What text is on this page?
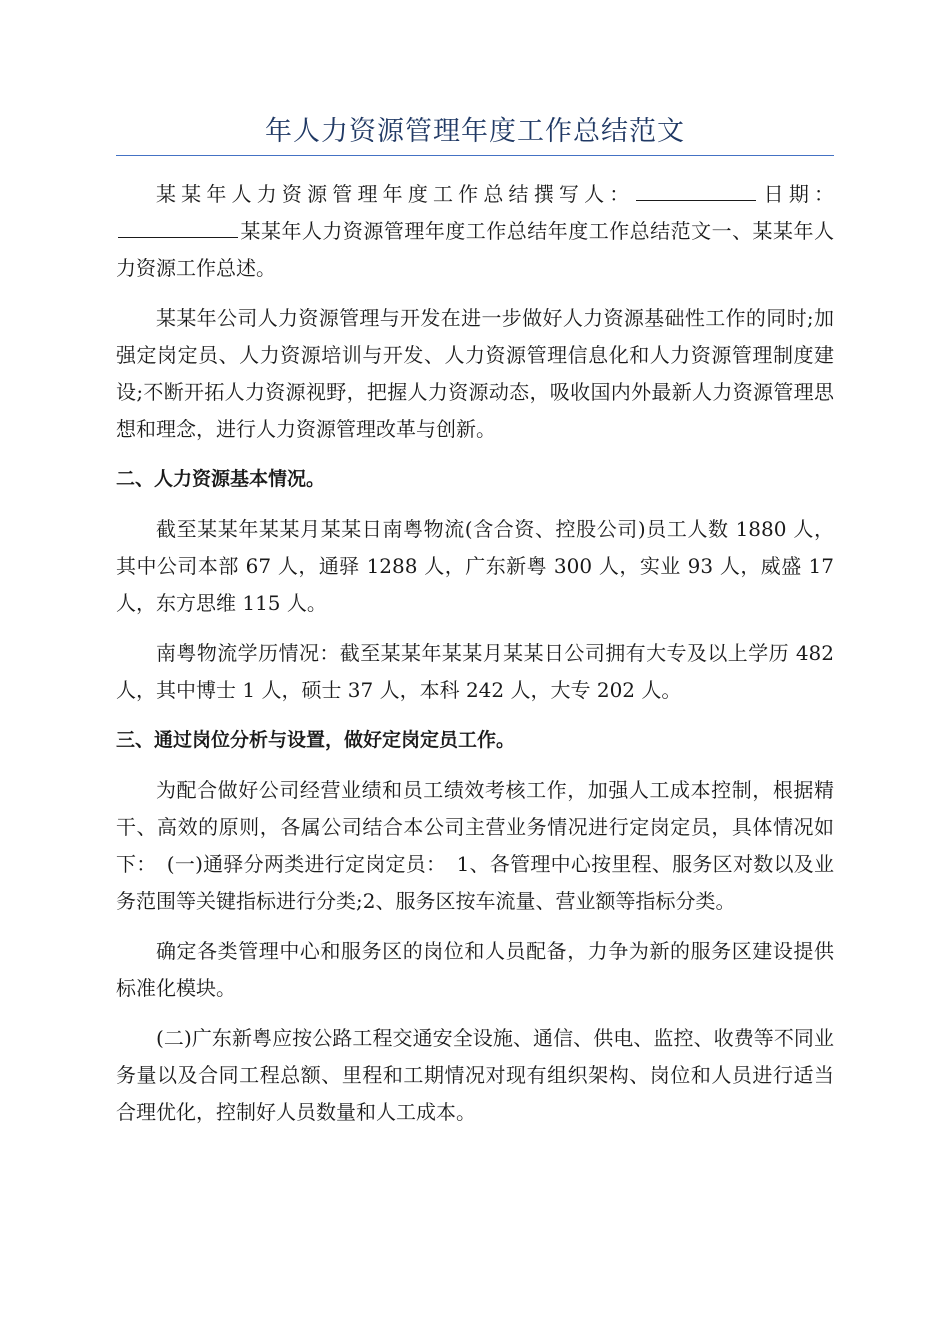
年人力资源管理年度工作总结范文

某某年人力资源管理年度工作总结撰写人：	日期：某某年人力资源管理年度工作总结年度工作总结范文一、某某年人力资源工作总述。

某某年公司人力资源管理与开发在进一步做好人力资源基础性工作的同时;加强定岗定员、人力资源培训与开发、人力资源管理信息化和人力资源管理制度建设;不断开拓人力资源视野，把握人力资源动态，吸收国内外最新人力资源管理思想和理念，进行人力资源管理改革与创新。

二、人力资源基本情况。

截至某某年某某月某某日南粤物流(含合资、控股公司)员工人数 1880 人，其中公司本部 67 人，通驿 1288 人，广东新粤 300 人，实业 93 人，威盛 17 人，东方思维 115 人。

南粤物流学历情况：截至某某年某某月某某日公司拥有大专及以上学历 482 人，其中博士 1 人，硕士 37 人，本科 242 人，大专 202 人。

三、通过岗位分析与设置，做好定岗定员工作。

为配合做好公司经营业绩和员工绩效考核工作，加强人工成本控制，根据精干、高效的原则，各属公司结合本公司主营业务情况进行定岗定员，具体情况如下：　(一)通驿分两类进行定岗定员：　1、各管理中心按里程、服务区对数以及业务范围等关键指标进行分类;2、服务区按车流量、营业额等指标分类。

确定各类管理中心和服务区的岗位和人员配备，力争为新的服务区建设提供标准化模块。

(二)广东新粤应按公路工程交通安全设施、通信、供电、监控、收费等不同业务量以及合同工程总额、里程和工期情况对现有组织架构、岗位和人员进行适当合理优化，控制好人员数量和人工成本。
